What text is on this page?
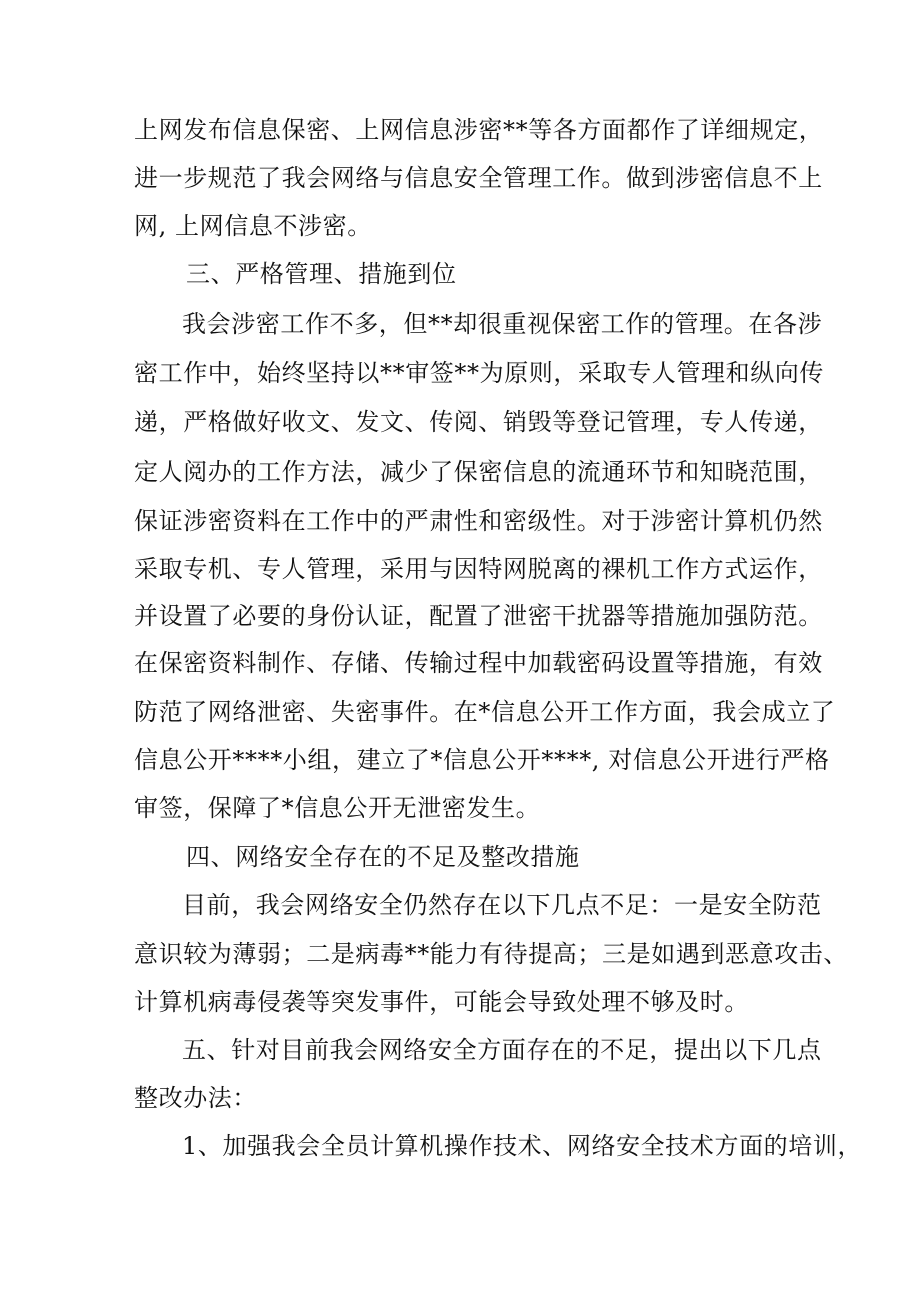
上网发布信息保密、上网信息涉密**等各方面都作了详细规定，
进一步规范了我会网络与信息安全管理工作。做到涉密信息不上
网, 上网信息不涉密。
三、严格管理、措施到位
我会涉密工作不多，但**却很重视保密工作的管理。在各涉
密工作中，始终坚持以**审签**为原则，采取专人管理和纵向传
递，严格做好收文、发文、传阅、销毁等登记管理，专人传递，
定人阅办的工作方法，减少了保密信息的流通环节和知晓范围，
保证涉密资料在工作中的严肃性和密级性。对于涉密计算机仍然
采取专机、专人管理，采用与因特网脱离的裸机工作方式运作，
并设置了必要的身份认证，配置了泄密干扰器等措施加强防范。
在保密资料制作、存储、传输过程中加载密码设置等措施，有效
防范了网络泄密、失密事件。在*信息公开工作方面，我会成立了
信息公开****小组，建立了*信息公开****, 对信息公开进行严格
审签，保障了*信息公开无泄密发生。
四、网络安全存在的不足及整改措施
目前，我会网络安全仍然存在以下几点不足：一是安全防范
意识较为薄弱；二是病毒**能力有待提高；三是如遇到恶意攻击、
计算机病毒侵袭等突发事件，可能会导致处理不够及时。
五、针对目前我会网络安全方面存在的不足，提出以下几点
整改办法：
1、加强我会全员计算机操作技术、网络安全技术方面的培训，
